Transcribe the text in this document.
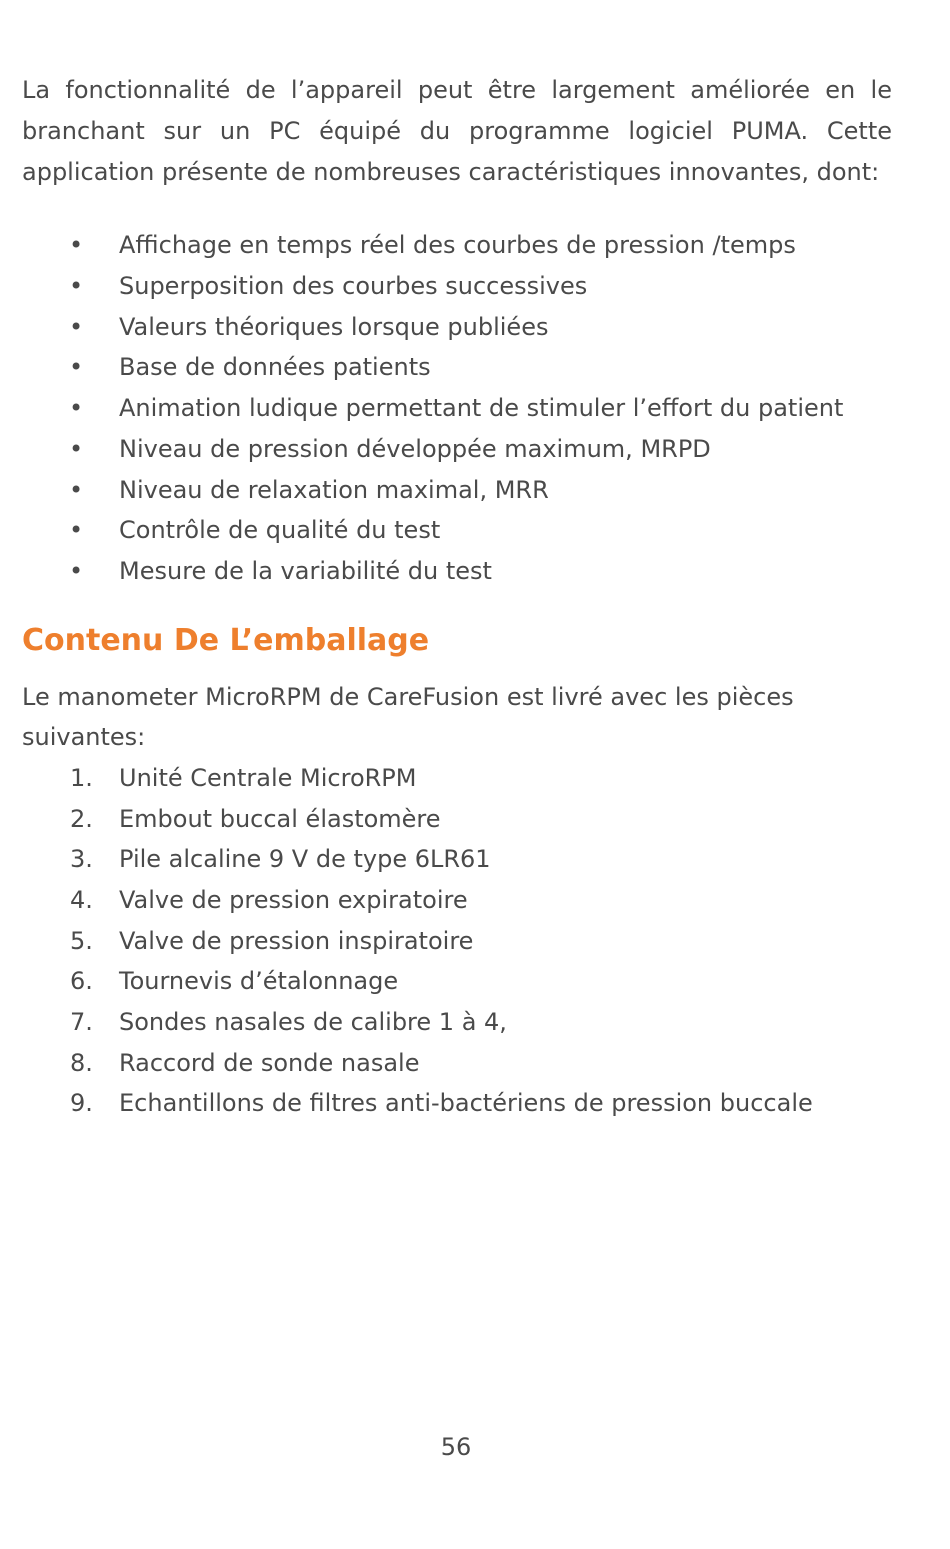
La fonctionnalité de l’appareil peut être largement améliorée en le branchant sur un PC équipé du programme logiciel PUMA. Cette application présente de nombreuses caractéristiques innovantes, dont:

• Affichage en temps réel des courbes de pression /temps
• Superposition des courbes successives
• Valeurs théoriques lorsque publiées
• Base de données patients
• Animation ludique permettant de stimuler l’effort du patient
• Niveau de pression développée maximum, MRPD
• Niveau de relaxation maximal, MRR
• Contrôle de qualité du test
• Mesure de la variabilité du test
Contenu De L’emballage

Le manometer MicroRPM de CareFusion est livré avec les pièces suivantes:

1. Unité Centrale MicroRPM
2. Embout buccal élastomère
3. Pile alcaline 9 V de type 6LR61
4. Valve de pression expiratoire
5. Valve de pression inspiratoire
6. Tournevis d’étalonnage
7. Sondes nasales de calibre 1 à 4,
8. Raccord de sonde nasale
9. Echantillons de filtres anti-bactériens de pression buccale
56
